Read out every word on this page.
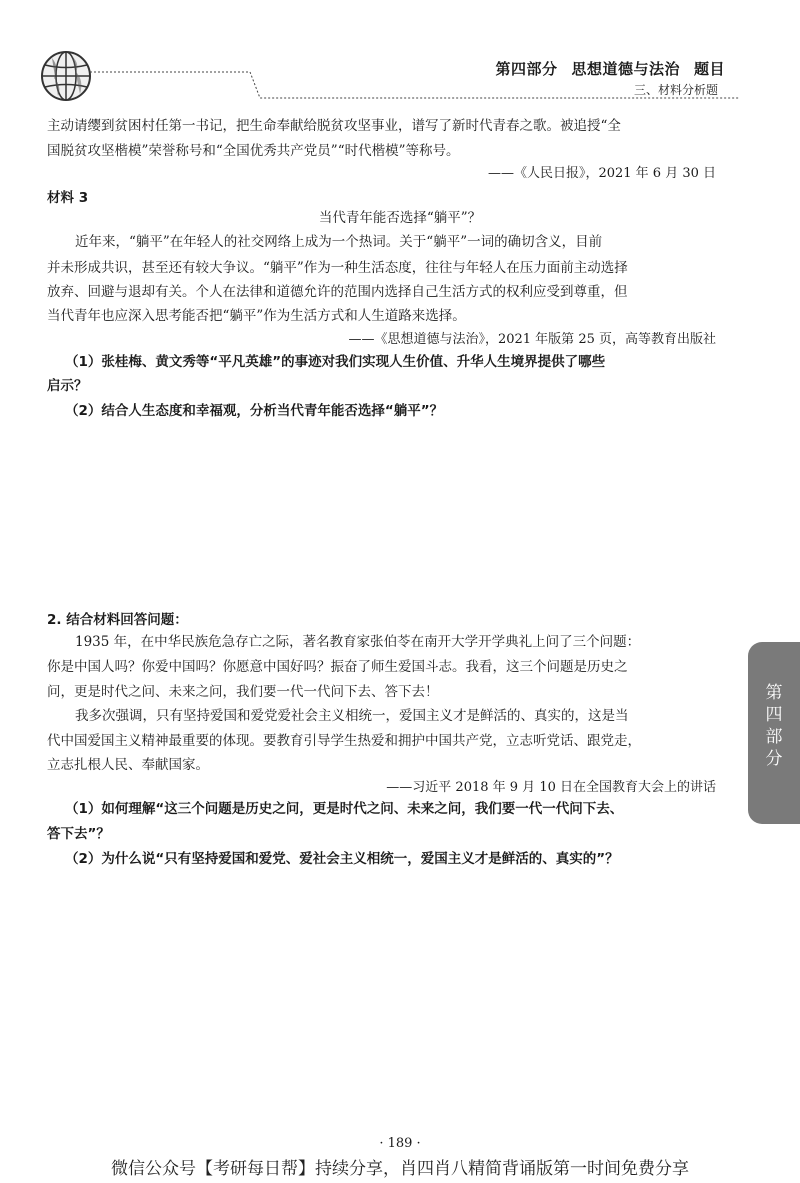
第四部分 思想道德与法治 题目
三、材料分析题
主动请缨到贫困村任第一书记，把生命奉献给脱贫攻坚事业，谱写了新时代青春之歌。被追授“全
国脱贫攻坚楷模”荣誉称号和“全国优秀共产党员”“时代楷模”等称号。
——《人民日报》，2021 年 6 月 30 日
材料 3
当代青年能否选择“躺平”？
近年来，“躺平”在年轻人的社交网络上成为一个热词。关于“躺平”一词的确切含义，目前
并未形成共识，甚至还有较大争议。“躺平”作为一种生活态度，往往与年轻人在压力面前主动选择
放弃、回避与退却有关。个人在法律和道德允许的范围内选择自己生活方式的权利应受到尊重，但
当代青年也应深入思考能否把“躺平”作为生活方式和人生道路来选择。
——《思想道德与法治》，2021 年版第 25 页，高等教育出版社
（1）张桂梅、黄文秀等“平凡英雄”的事迹对我们实现人生价值、升华人生境界提供了哪些
启示？
（2）结合人生态度和幸福观，分析当代青年能否选择“躺平”？
2. 结合材料回答问题：
1935 年，在中华民族危急存亡之际，著名教育家张伯苓在南开大学开学典礼上问了三个问题：
你是中国人吗？你爱中国吗？你愿意中国好吗？振奋了师生爱国斗志。我看，这三个问题是历史之
问，更是时代之问、未来之问，我们要一代一代问下去、答下去！
我多次强调，只有坚持爱国和爱党爱社会主义相统一，爱国主义才是鲜活的、真实的，这是当
代中国爱国主义精神最重要的体现。要教育引导学生热爱和拥护中国共产党，立志听党话、跟党走，
立志扎根人民、奉献国家。
——习近平 2018 年 9 月 10 日在全国教育大会上的讲话
（1）如何理解“这三个问题是历史之问，更是时代之问、未来之问，我们要一代一代问下去、
答下去”？
（2）为什么说“只有坚持爱国和爱党、爱社会主义相统一，爱国主义才是鲜活的、真实的”？
第四部分
· 189 ·
微信公众号【考研每日帮】持续分享，肖四肖八精简背诵版第一时间免费分享
